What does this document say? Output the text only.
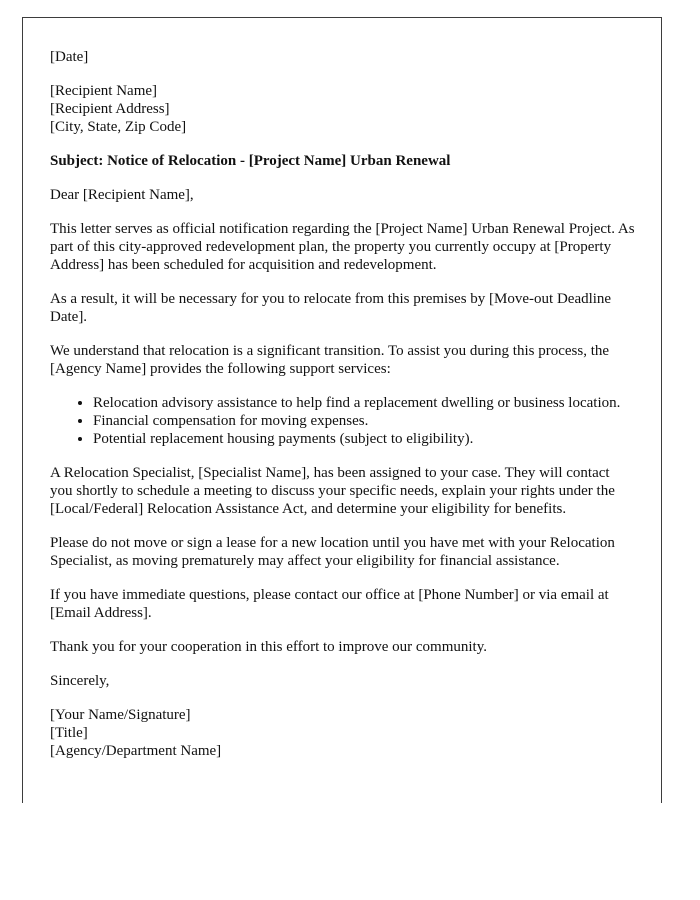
[Date]

[Recipient Name]
[Recipient Address]
[City, State, Zip Code]

Subject: Notice of Relocation - [Project Name] Urban Renewal

Dear [Recipient Name],

This letter serves as official notification regarding the [Project Name] Urban Renewal Project. As part of this city-approved redevelopment plan, the property you currently occupy at [Property Address] has been scheduled for acquisition and redevelopment.

As a result, it will be necessary for you to relocate from this premises by [Move-out Deadline Date].

We understand that relocation is a significant transition. To assist you during this process, the [Agency Name] provides the following support services:

• Relocation advisory assistance to help find a replacement dwelling or business location.
• Financial compensation for moving expenses.
• Potential replacement housing payments (subject to eligibility).

A Relocation Specialist, [Specialist Name], has been assigned to your case. They will contact you shortly to schedule a meeting to discuss your specific needs, explain your rights under the [Local/Federal] Relocation Assistance Act, and determine your eligibility for benefits.

Please do not move or sign a lease for a new location until you have met with your Relocation Specialist, as moving prematurely may affect your eligibility for financial assistance.

If you have immediate questions, please contact our office at [Phone Number] or via email at [Email Address].

Thank you for your cooperation in this effort to improve our community.

Sincerely,

[Your Name/Signature]
[Title]
[Agency/Department Name]
